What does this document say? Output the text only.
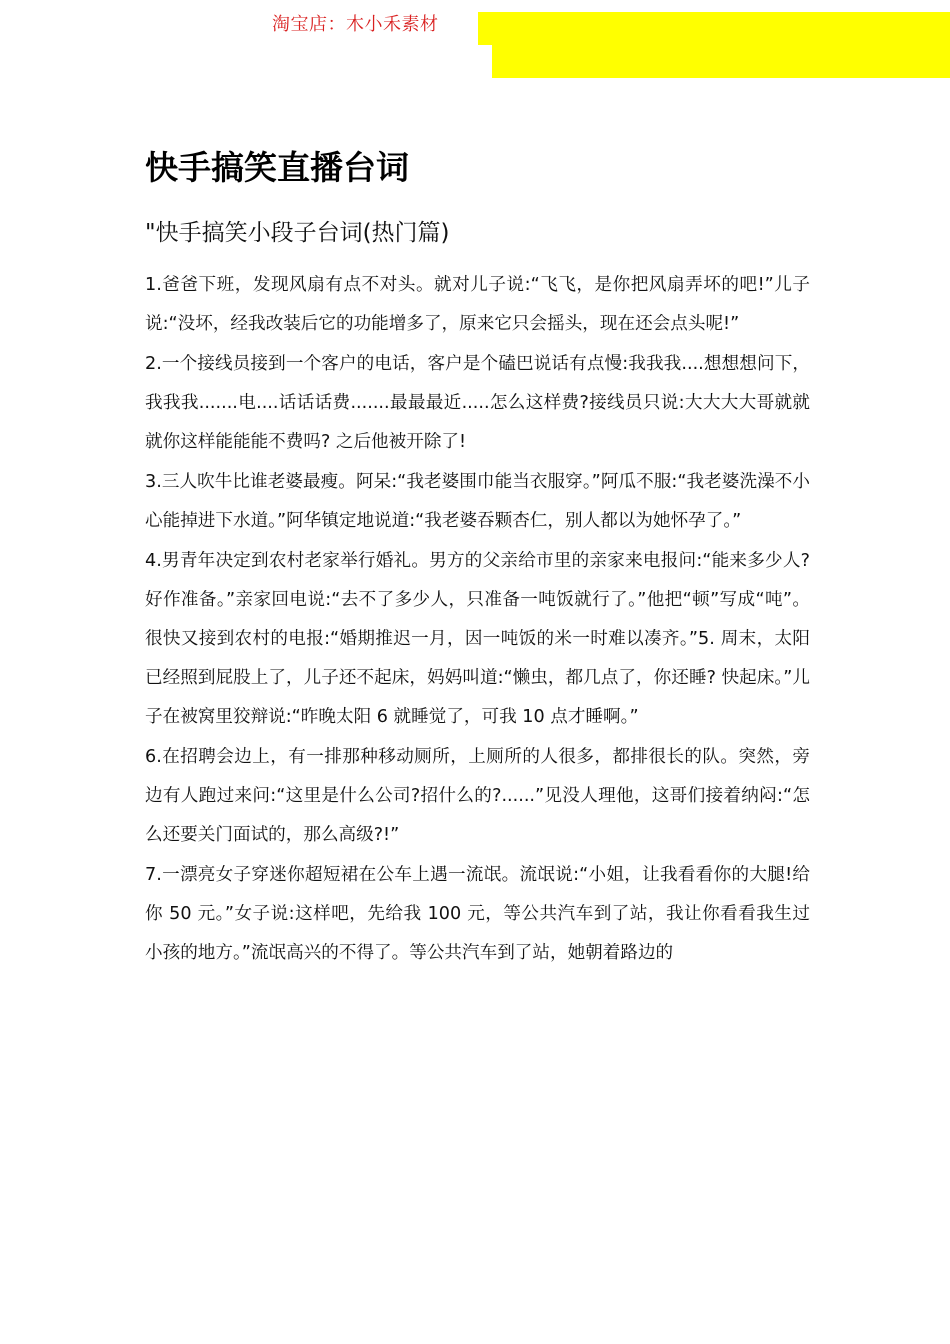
淘宝店：木小禾素材
快手搞笑直播台词
"快手搞笑小段子台词(热门篇)

1.爸爸下班，发现风扇有点不对头。就对儿子说:“飞飞，是你把风扇弄坏的吧!”儿子说:“没坏，经我改装后它的功能增多了，原来它只会摇头，现在还会点头呢!”

2.一个接线员接到一个客户的电话，客户是个磕巴说话有点慢:我我我....想想想问下，我我我.......电....话话话费.......最最最近.....怎么这样费?接线员只说:大大大大哥就就就你这样能能能不费吗? 之后他被开除了!

3.三人吹牛比谁老婆最瘦。阿呆:“我老婆围巾能当衣服穿。”阿瓜不服:“我老婆洗澡不小心能掉进下水道。”阿华镇定地说道:“我老婆吞颗杏仁，别人都以为她怀孕了。”

4.男青年决定到农村老家举行婚礼。男方的父亲给市里的亲家来电报问:“能来多少人?好作准备。”亲家回电说:“去不了多少人，只准备一吨饭就行了。”他把“顿”写成“吨”。很快又接到农村的电报:“婚期推迟一月，因一吨饭的米一时难以凑齐。”5. 周末，太阳已经照到屁股上了，儿子还不起床，妈妈叫道:“懒虫，都几点了，你还睡? 快起床。”儿子在被窝里狡辩说:“昨晚太阳 6 就睡觉了，可我 10 点才睡啊。”

6.在招聘会边上，有一排那种移动厕所，上厕所的人很多，都排很长的队。突然，旁边有人跑过来问:“这里是什么公司?招什么的?......”见没人理他，这哥们接着纳闷:“怎么还要关门面试的，那么高级?!”

7.一漂亮女子穿迷你超短裙在公车上遇一流氓。流氓说:“小姐，让我看看你的大腿!给你 50 元。”女子说:这样吧，先给我 100 元，等公共汽车到了站，我让你看看我生过小孩的地方。”流氓高兴的不得了。等公共汽车到了站，她朝着路边的
